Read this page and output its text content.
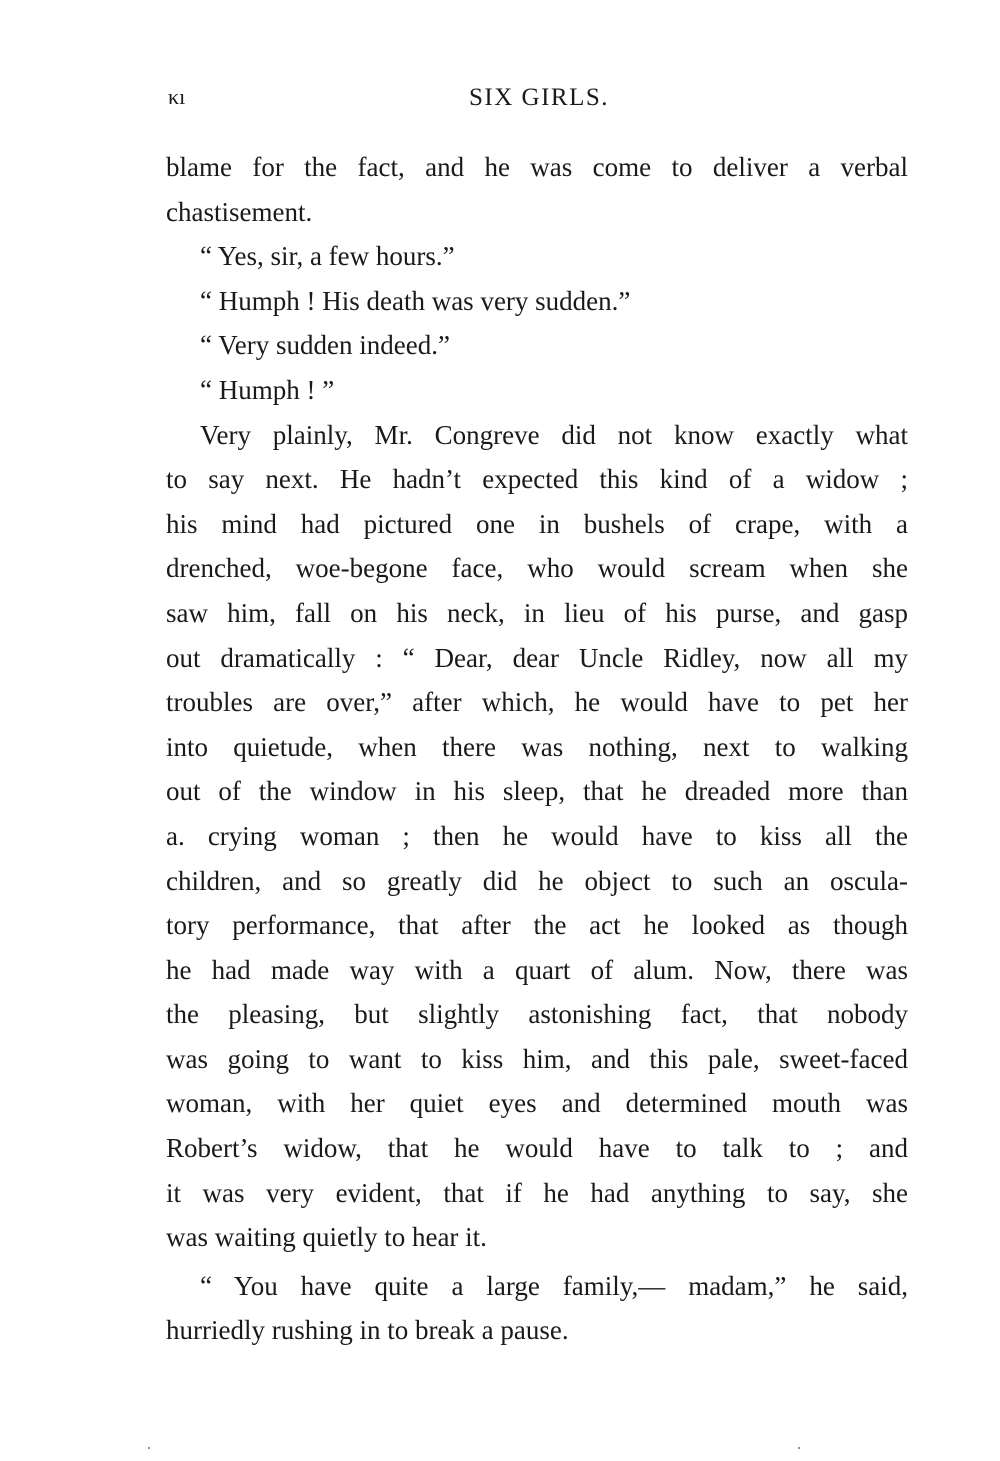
κı	SIX GIRLS.
blame for the fact, and he was come to deliver a verbal
chastisement.
“ Yes, sir, a few hours.”
“ Humph ! His death was very sudden.”
“ Very sudden indeed.”
“ Humph ! ”
Very plainly, Mr. Congreve did not know exactly what
to say next. He hadn’t expected this kind of a widow ;
his mind had pictured one in bushels of crape, with a
drenched, woe-begone face, who would scream when she
saw him, fall on his neck, in lieu of his purse, and gasp
out dramatically : “ Dear, dear Uncle Ridley, now all my
troubles are over,” after which, he would have to pet her
into quietude, when there was nothing, next to walking
out of the window in his sleep, that he dreaded more than
a. crying woman ; then he would have to kiss all the
children, and so greatly did he object to such an oscula-
tory performance, that after the act he looked as though
he had made way with a quart of alum. Now, there was
the pleasing, but slightly astonishing fact, that nobody
was going to want to kiss him, and this pale, sweet-faced
woman, with her quiet eyes and determined mouth was
Robert’s widow, that he would have to talk to ; and
it was very evident, that if he had anything to say, she
was waiting quietly to hear it.
“ You have quite a large family,— madam,” he said,
hurriedly rushing in to break a pause.
